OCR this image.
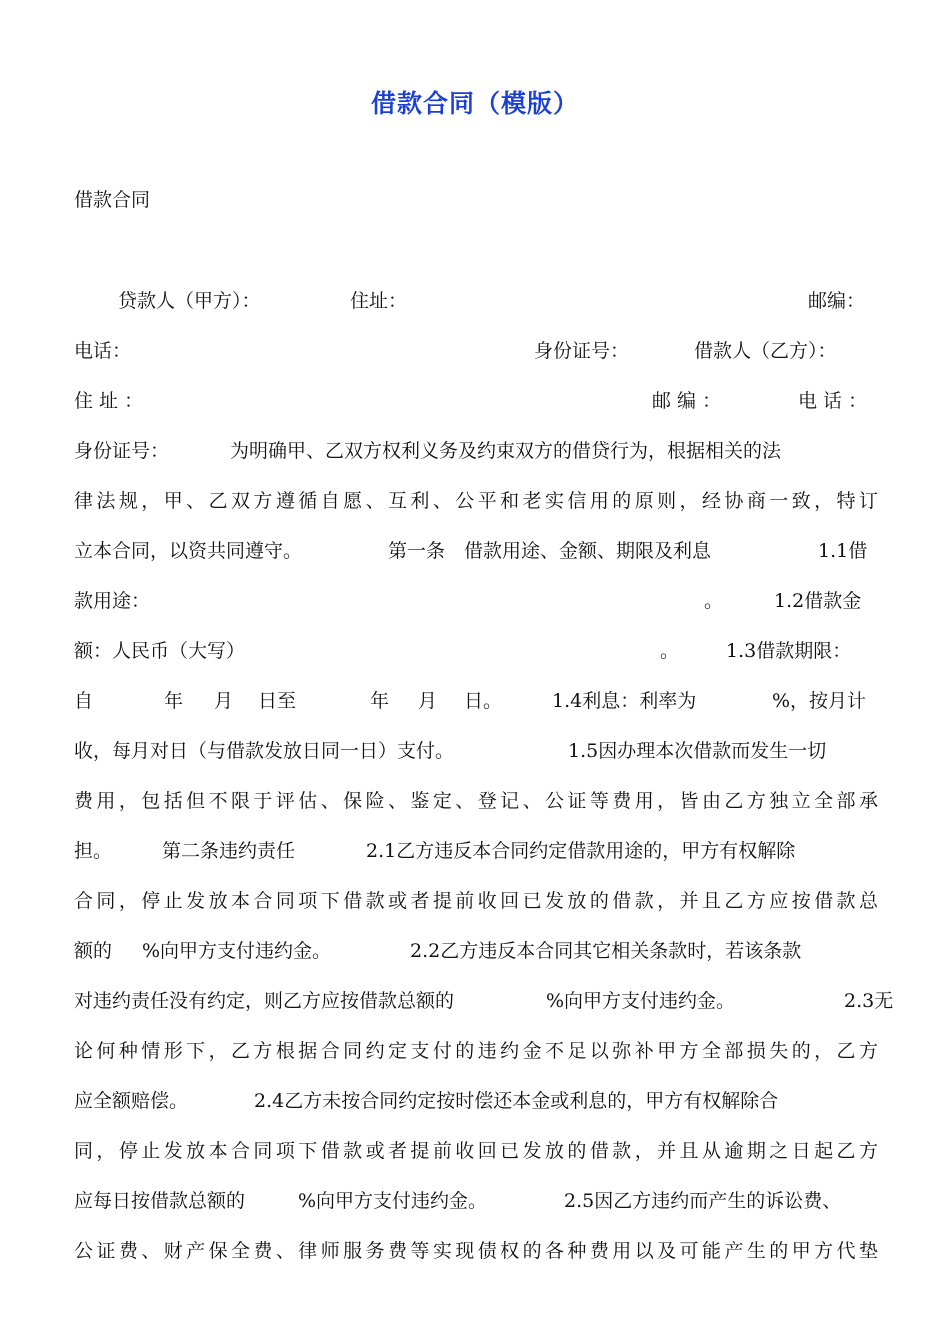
借款合同（模版）
借款合同
贷款人（甲方）：	住址：	邮编：
电话：	身份证号：	借款人（乙方）：
住 址 ：	邮 编 ：	电 话 ：
身份证号：	为明确甲、乙双方权利义务及约束双方的借贷行为，根据相关的法
律法规，甲、乙双方遵循自愿、互利、公平和老实信用的原则，经协商一致，特订
立本合同，以资共同遵守。	第一条　借款用途、金额、期限及利息	1.1借
款用途：	。	1.2借款金
额：人民币（大写）	。 1.3借款期限：
自	年 月 日至	年 月 日。	1.4利息：利率为	%，按月计
收，每月对日（与借款发放日同一日）支付。	1.5因办理本次借款而发生一切
费用，包括但不限于评估、保险、鉴定、登记、公证等费用，皆由乙方独立全部承
担。	第二条违约责任	2.1乙方违反本合同约定借款用途的，甲方有权解除
合同，停止发放本合同项下借款或者提前收回已发放的借款，并且乙方应按借款总
额的 %向甲方支付违约金。	2.2乙方违反本合同其它相关条款时，若该条款
对违约责任没有约定，则乙方应按借款总额的	%向甲方支付违约金。	2.3无
论何种情形下，乙方根据合同约定支付的违约金不足以弥补甲方全部损失的，乙方
应全额赔偿。	2.4乙方未按合同约定按时偿还本金或利息的，甲方有权解除合
同，停止发放本合同项下借款或者提前收回已发放的借款，并且从逾期之日起乙方
应每日按借款总额的	%向甲方支付违约金。	2.5因乙方违约而产生的诉讼费、
公证费、财产保全费、律师服务费等实现债权的各种费用以及可能产生的甲方代垫
